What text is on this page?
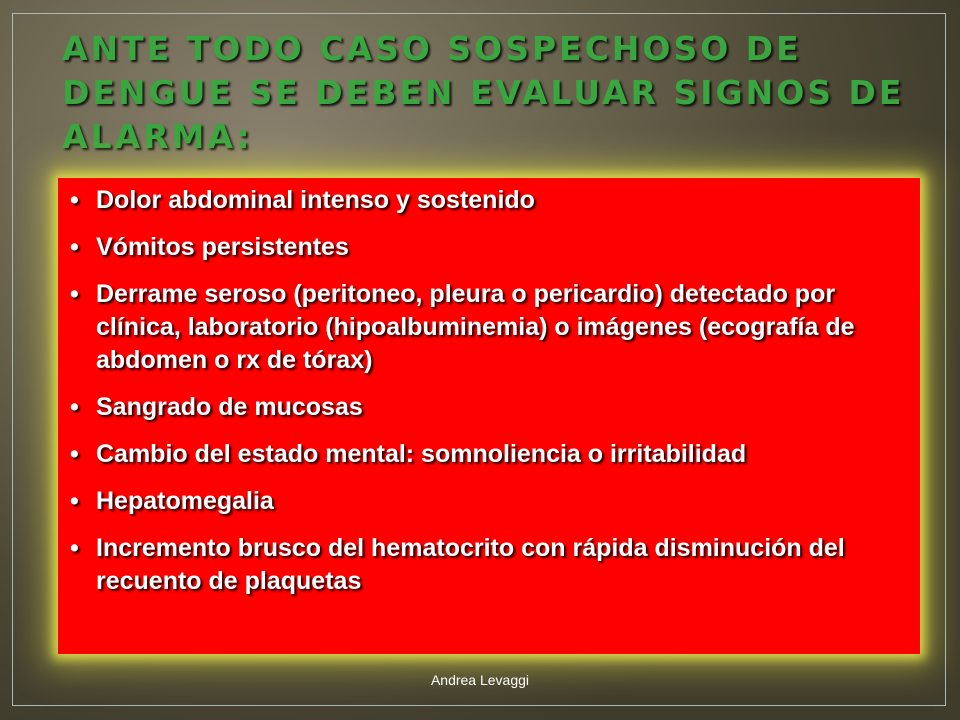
ANTE TODO CASO SOSPECHOSO DE DENGUE SE DEBEN EVALUAR SIGNOS DE ALARMA:
• Dolor abdominal intenso y sostenido
• Vómitos persistentes
• Derrame seroso (peritoneo, pleura o pericardio) detectado por clínica, laboratorio (hipoalbuminemia) o imágenes (ecografía de abdomen o rx de tórax)
• Sangrado de mucosas
• Cambio del estado mental: somnoliencia o irritabilidad
• Hepatomegalia
• Incremento brusco del hematocrito con rápida disminución del recuento de plaquetas
Andrea Levaggi
